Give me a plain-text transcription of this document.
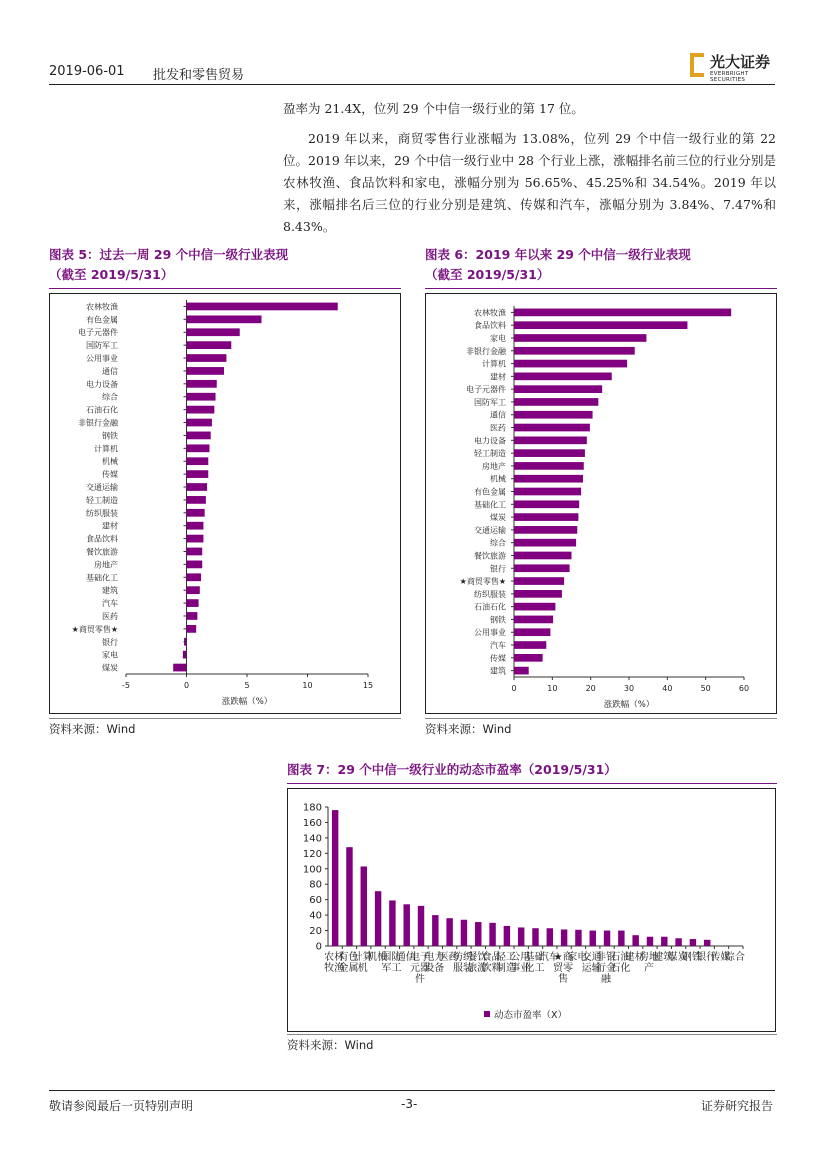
2019-06-01 批发和零售贸易
光大证券
EVERBRIGHT SECURITIES
盈率为 21.4X，位列 29 个中信一级行业的第 17 位。
2019 年以来，商贸零售行业涨幅为 13.08%，位列 29 个中信一级行业的第 22 位。2019 年以来，29 个中信一级行业中 28 个行业上涨，涨幅排名前三位的行业分别是农林牧渔、食品饮料和家电，涨幅分别为 56.65%、45.25%和 34.54%。2019 年以来，涨幅排名后三位的行业分别是建筑、传媒和汽车，涨幅分别为 3.84%、7.47%和 8.43%。
图表 5：过去一周 29 个中信一级行业表现
（截至 2019/5/31）
-5	0	5	10	15
涨跌幅（%）
农林牧渔
有色金属
电子元器件
国防军工
公用事业
通信
电力设备
综合
石油石化
非银行金融
钢铁
计算机
机械
传媒
交通运输
轻工制造
纺织服装
建材
食品饮料
餐饮旅游
房地产
基础化工
建筑
汽车
医药
★商贸零售★
银行
家电
煤炭
资料来源：Wind
图表 6：2019 年以来 29 个中信一级行业表现
（截至 2019/5/31）
0	10	20	30	40	50	60
涨跌幅（%）
农林牧渔
食品饮料
家电
非银行金融
计算机
建材
电子元器件
国防军工
通信
医药
电力设备
轻工制造
房地产
机械
有色金属
基础化工
煤炭
交通运输
综合
餐饮旅游
银行
★商贸零售★
纺织服装
石油石化
钢铁
公用事业
汽车
传媒
建筑
资料来源：Wind
图表 7：29 个中信一级行业的动态市盈率（2019/5/31）
0
20
40
60
80
100
120
140
160
180
农林牧渔
有色金属
计算机
机械
国防军工
通信
电子元器件
电力设备
医药
纺织服装
餐饮旅游
食品饮料
轻工制造
公用事业
基础化工
汽车
★商贸零售
家电
交通运输
非银行金融
石油石化
建材
房地产
建筑
煤炭
钢铁
银行
传媒
综合
动态市盈率（X）
资料来源：Wind
敬请参阅最后一页特别声明	-3-	证券研究报告
